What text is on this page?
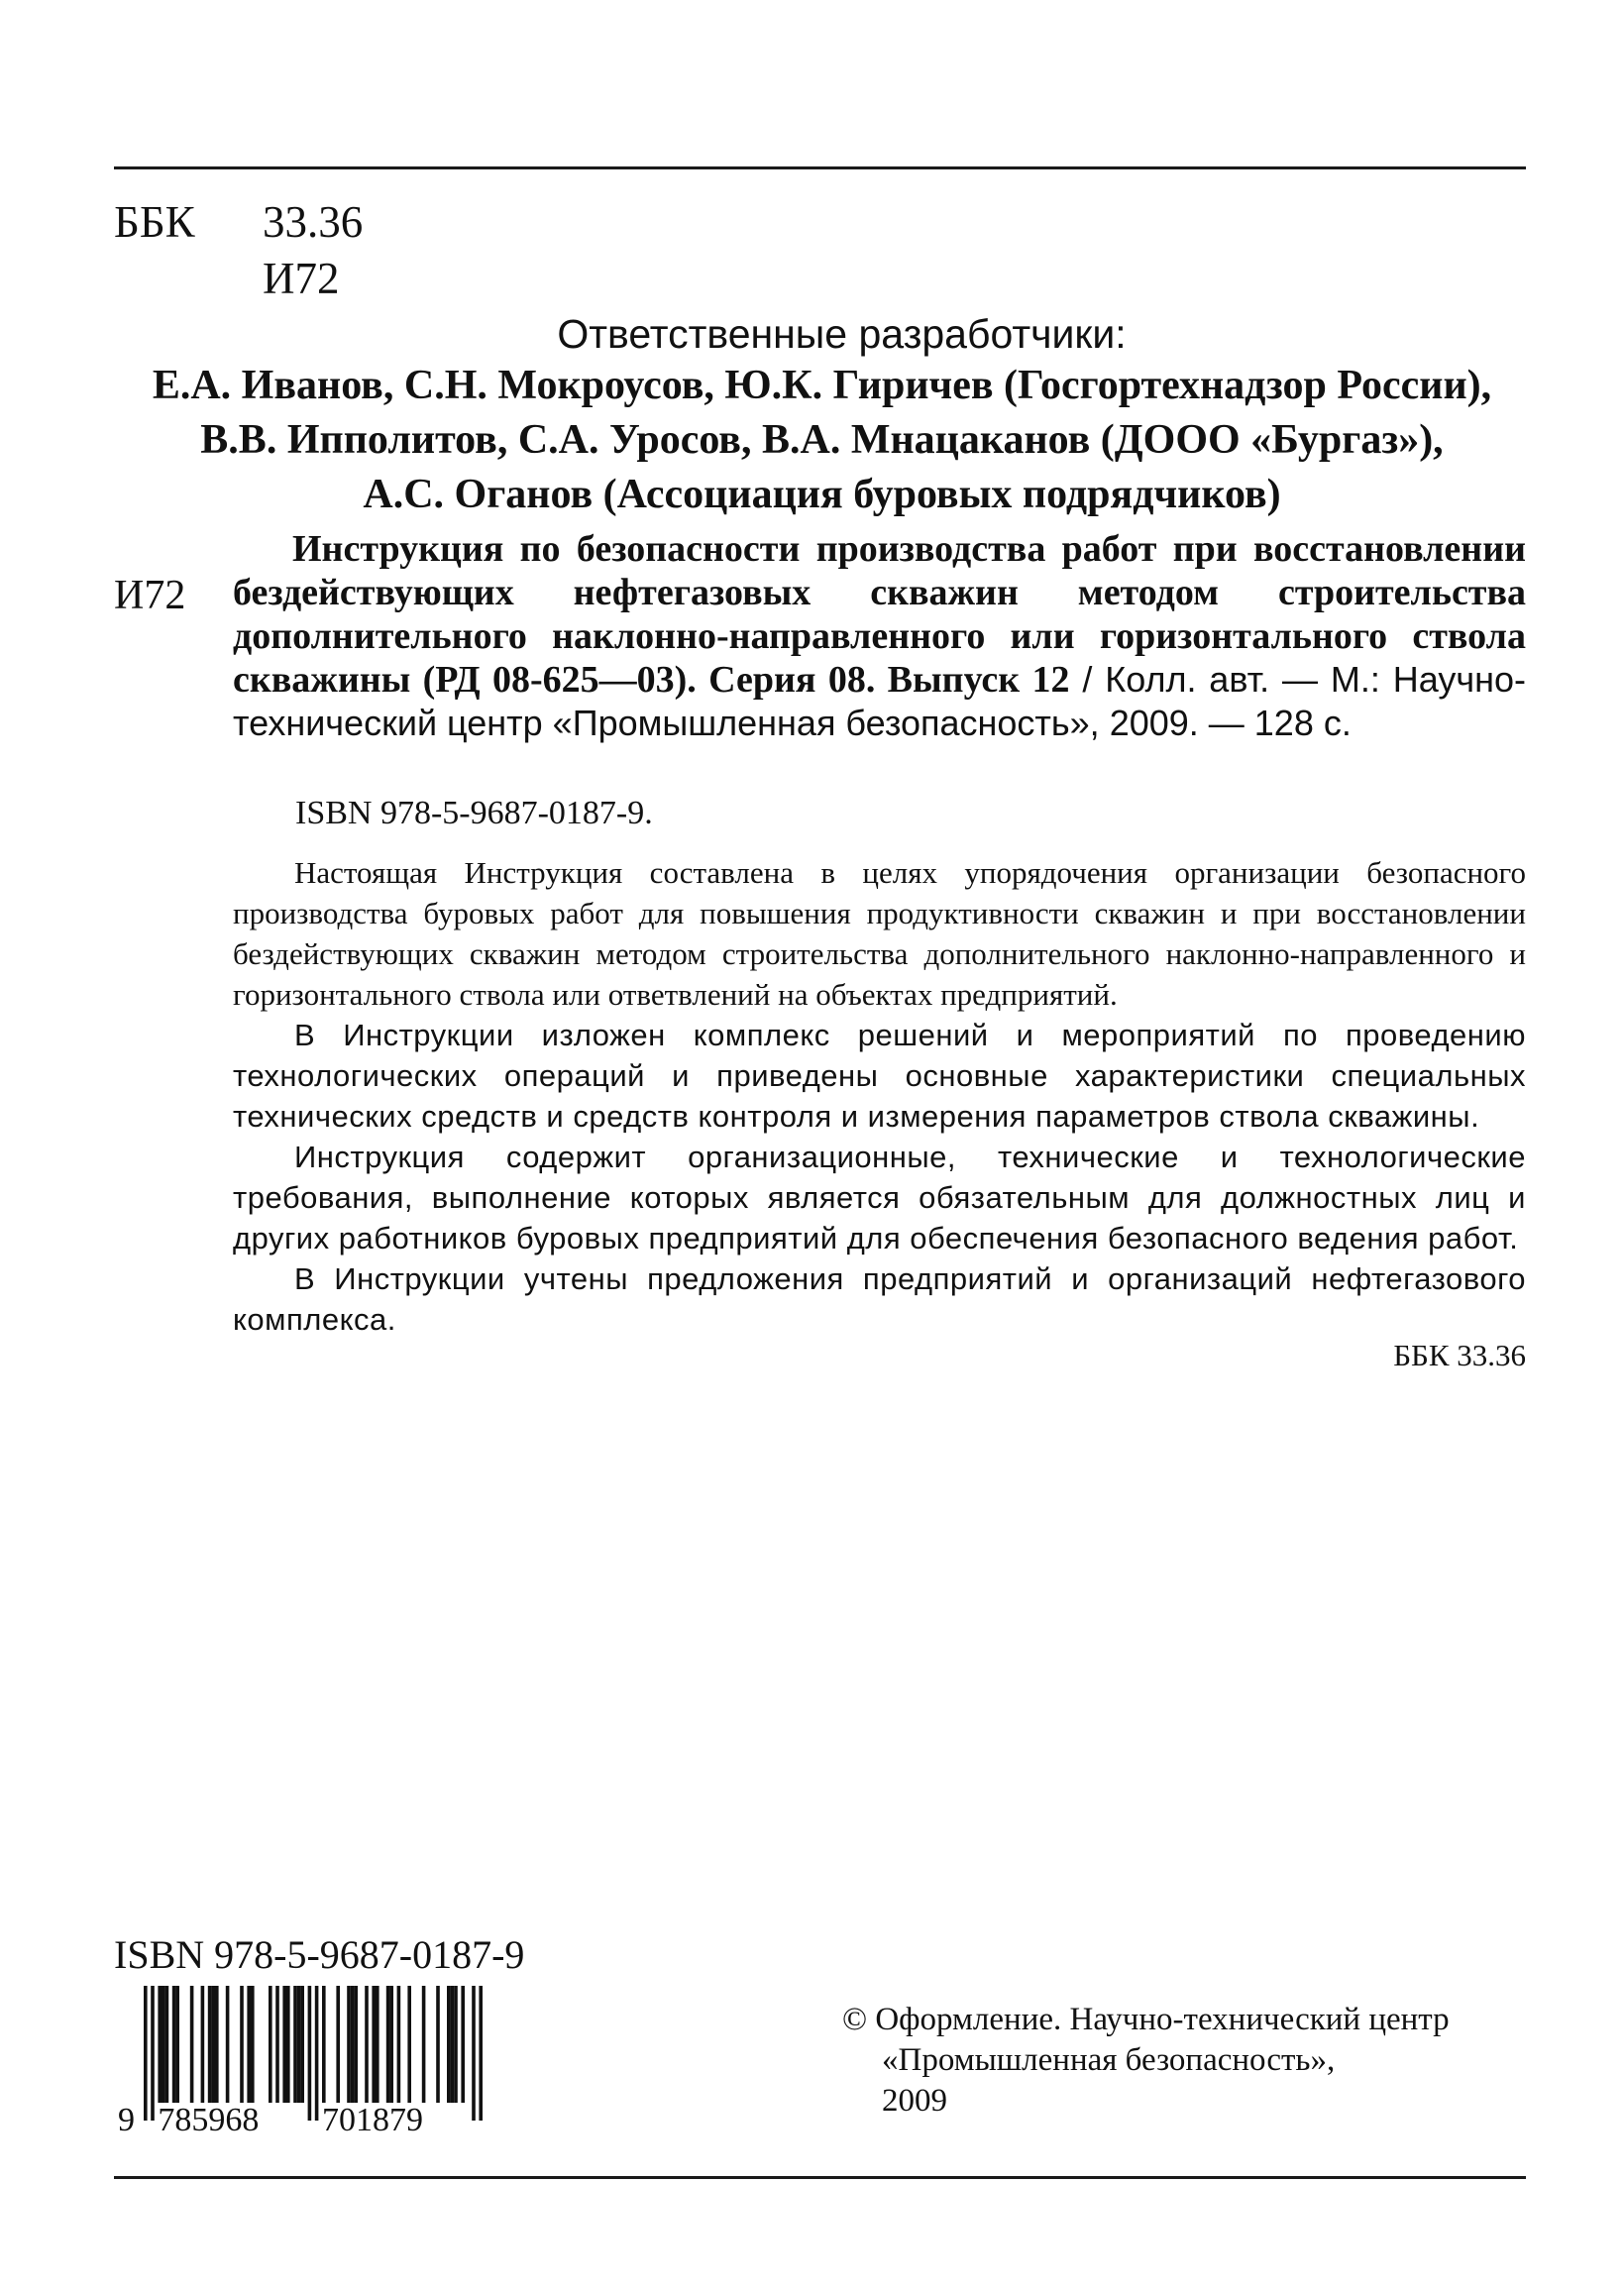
ББК 33.36
И72
Ответственные разработчики:
Е.А. Иванов, С.Н. Мокроусов, Ю.К. Гиричев (Госгортехнадзор России),
В.В. Ипполитов, С.А. Уросов, В.А. Мнацаканов (ДООО «Бургаз»),
А.С. Оганов (Ассоциация буровых подрядчиков)
И72
Инструкция по безопасности производства работ при восстановлении бездействующих нефтегазовых скважин методом строительства дополнительного наклонно-направленного или горизонтального ствола скважины (РД 08-625—03). Серия 08. Выпуск 12 / Колл. авт. — М.: Научно-технический центр «Промышленная безопасность», 2009. — 128 с.
ISBN 978-5-9687-0187-9.

Настоящая Инструкция составлена в целях упорядочения организации безопасного производства буровых работ для повышения продуктивности скважин и при восстановлении бездействующих скважин методом строительства дополнительного наклонно-направленного и горизонтального ствола или ответвлений на объектах предприятий.

В Инструкции изложен комплекс решений и мероприятий по проведению технологических операций и приведены основные характеристики специальных технических средств и средств контроля и измерения параметров ствола скважины.

Инструкция содержит организационные, технические и технологические требования, выполнение которых является обязательным для должностных лиц и других работников буровых предприятий для обеспечения безопасного ведения работ.

В Инструкции учтены предложения предприятий и организаций нефтегазового комплекса.

ББК 33.36
ISBN 978-5-9687-0187-9
9 785968 701879
© Оформление. Научно-технический центр
«Промышленная безопасность»,
2009
